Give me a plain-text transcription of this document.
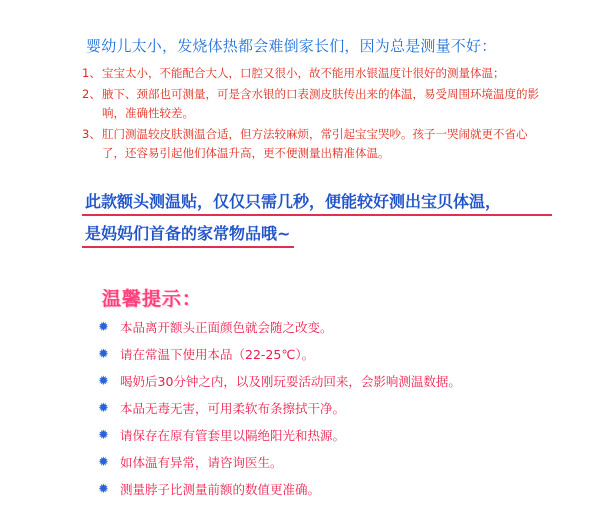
婴幼儿太小，发烧体热都会难倒家长们，因为总是测量不好：
1、 宝宝太小，不能配合大人，口腔又很小，故不能用水银温度计很好的测量体温；
2、 腋下、颈部也可测量，可是含水银的口表测皮肤传出来的体温，易受周围环境温度的影响，准确性较差。
3、 肛门测温较皮肤测温合适，但方法较麻烦，常引起宝宝哭吵。孩子一哭闹就更不省心了，还容易引起他们体温升高，更不便测量出精准体温。
此款额头测温贴，仅仅只需几秒，便能较好测出宝贝体温，
是妈妈们首备的家常物品哦~
温馨提示：
✹ 本品离开额头正面颜色就会随之改变。
✹ 请在常温下使用本品（22-25℃）。
✹ 喝奶后30分钟之内，以及刚玩耍活动回来，会影响测温数据。
✹ 本品无毒无害，可用柔软布条擦拭干净。
✹ 请保存在原有管套里以隔绝阳光和热源。
✹ 如体温有异常，请咨询医生。
✹ 测量脖子比测量前额的数值更准确。
